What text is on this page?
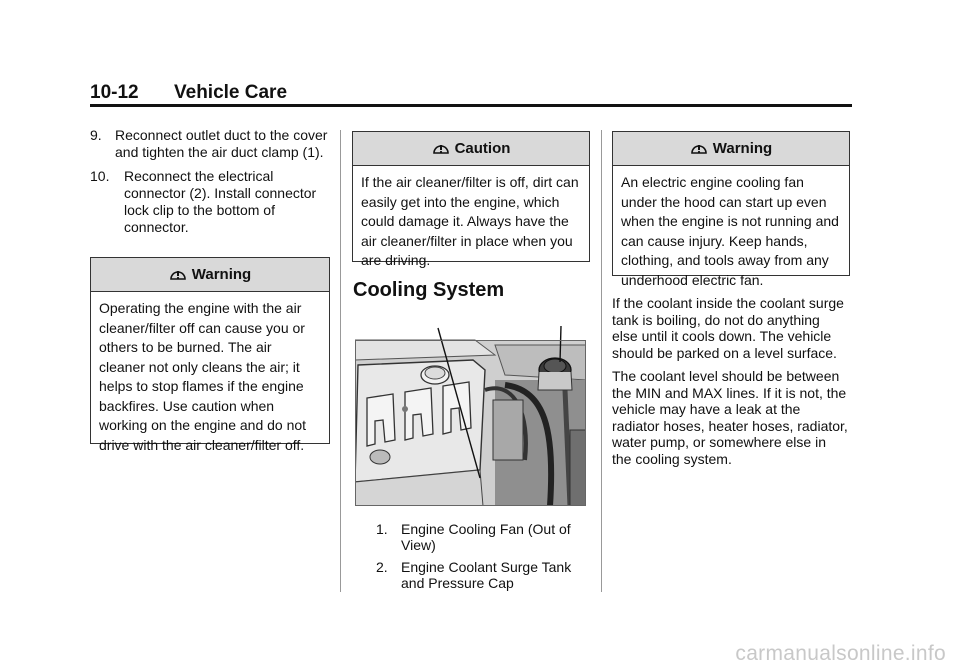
10-12 Vehicle Care
9. Reconnect outlet duct to the cover and tighten the air duct clamp (1).
10. Reconnect the electrical connector (2). Install connector lock clip to the bottom of connector.
Warning
Operating the engine with the air cleaner/filter off can cause you or others to be burned. The air cleaner not only cleans the air; it helps to stop flames if the engine backfires. Use caution when working on the engine and do not drive with the air cleaner/filter off.
Caution
If the air cleaner/filter is off, dirt can easily get into the engine, which could damage it. Always have the air cleaner/filter in place when you are driving.
Cooling System
1. Engine Cooling Fan (Out of View)
2. Engine Coolant Surge Tank and Pressure Cap
Warning
An electric engine cooling fan under the hood can start up even when the engine is not running and can cause injury. Keep hands, clothing, and tools away from any underhood electric fan.

If the coolant inside the coolant surge tank is boiling, do not do anything else until it cools down. The vehicle should be parked on a level surface.

The coolant level should be between the MIN and MAX lines. If it is not, the vehicle may have a leak at the radiator hoses, heater hoses, radiator, water pump, or somewhere else in the cooling system.

carmanualsonline.info
